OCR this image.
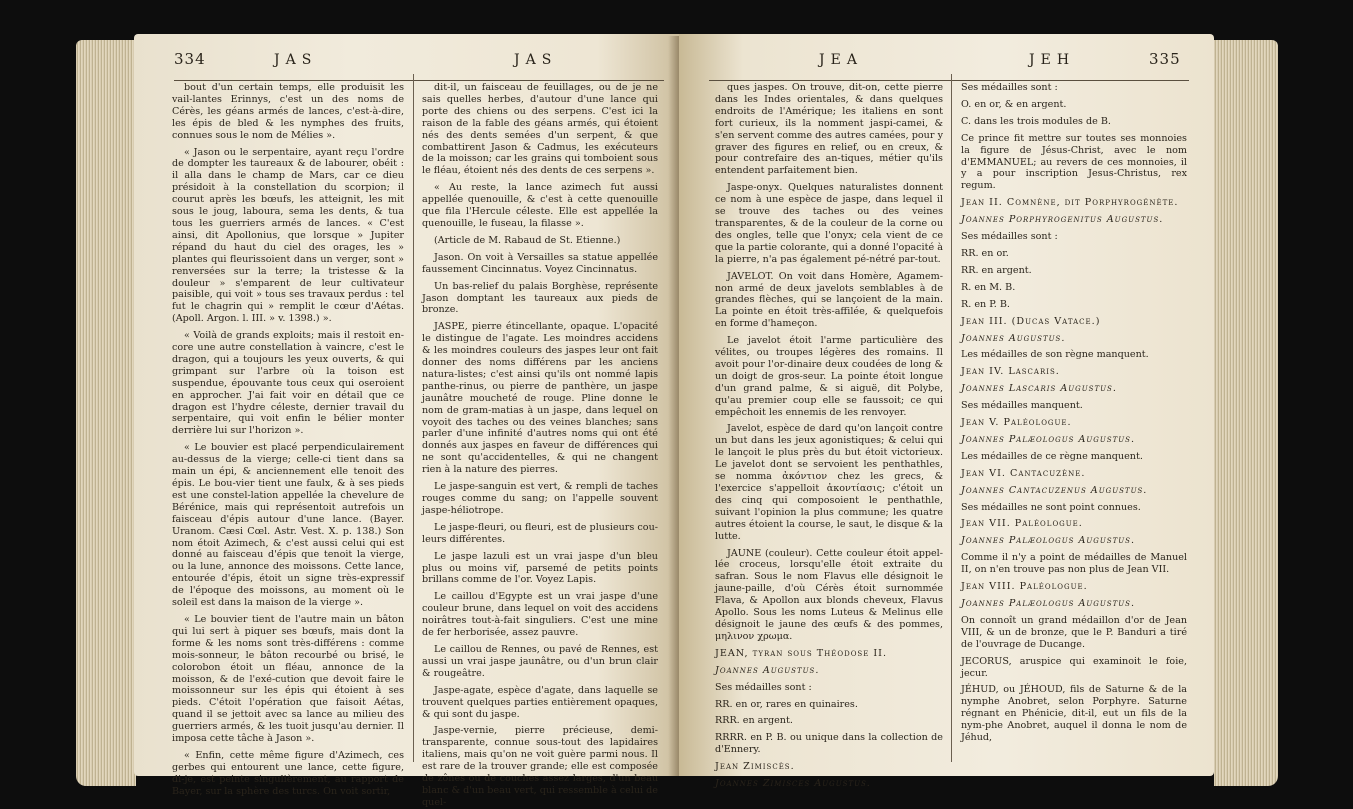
334	JAS	JAS

bout d'un certain temps, elle produisit les vail-lantes Erinnys, c'est un des noms de Cérès, les géans armés de lances, c'est-à-dire, les épis de bled & les nymphes des fruits, connues sous le nom de Mélies ».

« Jason ou le serpentaire, ayant reçu l'ordre de dompter les taureaux & de labourer, obéit : il alla dans le champ de Mars, car ce dieu présidoit à la constellation du scorpion; il courut après les bœufs, les atteignit, les mit sous le joug, laboura, sema les dents, & tua tous les guerriers armés de lances. « C'est ainsi, dit Apollonius, que lorsque » Jupiter répand du haut du ciel des orages, les » plantes qui fleurissoient dans un verger, sont » renversées sur la terre; la tristesse & la douleur » s'emparent de leur cultivateur paisible, qui voit » tous ses travaux perdus : tel fut le chagrin qui » remplit le cœur d'Aétas. (Apoll. Argon. l. III. » v. 1398.) ».

« Voilà de grands exploits; mais il restoit en-core une autre constellation à vaincre, c'est le dragon, qui a toujours les yeux ouverts, & qui grimpant sur l'arbre où la toison est suspendue, épouvante tous ceux qui oseroient en approcher. J'ai fait voir en détail que ce dragon est l'hydre céleste, dernier travail du serpentaire, qui voit enfin le bélier monter derrière lui sur l'horizon ».

« Le bouvier est placé perpendiculairement au-dessus de la vierge; celle-ci tient dans sa main un épi, & anciennement elle tenoit des épis. Le bou-vier tient une faulx, & à ses pieds est une constel-lation appellée la chevelure de Bérénice, mais qui représentoit autrefois un faisceau d'épis autour d'une lance. (Bayer. Uranom. Cæsi Cœl. Astr. Vest. X. p. 138.) Son nom étoit Azimech, & c'est aussi celui qui est donné au faisceau d'épis que tenoit la vierge, ou la lune, annonce des moissons. Cette lance, entourée d'épis, étoit un signe très-expressif de l'époque des moissons, au moment où le soleil est dans la maison de la vierge ».

« Le bouvier tient de l'autre main un bâton qui lui sert à piquer ses bœufs, mais dont la forme & les noms sont très-différens : comme mois-sonneur, le bâton recourbé ou brisé, le colorobon étoit un fléau, annonce de la moisson, & de l'exé-cution que devoit faire le moissonneur sur les épis qui étoient à ses pieds. C'étoit l'opération que faisoit Aétas, quand il se jettoit avec sa lance au milieu des guerriers armés, & les tuoit jusqu'au dernier. Il imposa cette tâche à Jason ».

« Enfin, cette même figure d'Azimech, ces gerbes qui entourent une lance, cette figure, di-je, est peinte singulièrement, au rapport de Bayer, sur la sphère des turcs. On voit sortir,

dit-il, un faisceau de feuillages, ou de je ne sais quelles herbes, d'autour d'une lance qui porte des chiens ou des serpens. C'est ici la raison de la fable des géans armés, qui étoient nés des dents semées d'un serpent, & que combattirent Jason & Cadmus, les exécuteurs de la moisson; car les grains qui tomboient sous le fléau, étoient nés des dents de ces serpens ».

« Au reste, la lance azimech fut aussi appellée quenouille, & c'est à cette quenouille que fila l'Hercule céleste. Elle est appellée la quenouille, le fuseau, la filasse ».

(Article de M. Rabaud de St. Etienne.)

Jason. On voit à Versailles sa statue appellée faussement Cincinnatus. Voyez Cincinnatus.

Un bas-relief du palais Borghèse, représente Jason domptant les taureaux aux pieds de bronze.

JASPE, pierre étincellante, opaque. L'opacité le distingue de l'agate. Les moindres accidens & les moindres couleurs des jaspes leur ont fait donner des noms différens par les anciens natura-listes; c'est ainsi qu'ils ont nommé lapis panthe-rinus, ou pierre de panthère, un jaspe jaunâtre moucheté de rouge. Pline donne le nom de gram-matias à un jaspe, dans lequel on voyoit des taches ou des veines blanches; sans parler d'une infinité d'autres noms qui ont été donnés aux jaspes en faveur de différences qui ne sont qu'accidentelles, & qui ne changent rien à la nature des pierres.

Le jaspe-sanguin est vert, & rempli de taches rouges comme du sang; on l'appelle souvent jaspe-héliotrope.

Le jaspe-fleuri, ou fleuri, est de plusieurs cou-leurs différentes.

Le jaspe lazuli est un vrai jaspe d'un bleu plus ou moins vif, parsemé de petits points brillans comme de l'or. Voyez Lapis.

Le caillou d'Egypte est un vrai jaspe d'une couleur brune, dans lequel on voit des accidens noirâtres tout-à-fait singuliers. C'est une mine de fer herborisée, assez pauvre.

Le caillou de Rennes, ou pavé de Rennes, est aussi un vrai jaspe jaunâtre, ou d'un brun clair & rougeâtre.

Jaspe-agate, espèce d'agate, dans laquelle se trouvent quelques parties entièrement opaques, & qui sont du jaspe.

Jaspe-vernie, pierre précieuse, demi-transparente, connue sous-tout des lapidaires italiens, mais qu'on ne voit guère parmi nous. Il est rare de la trouver grande; elle est composée de zônes ou de couches assez larges, d'un beau blanc & d'un beau vert, qui ressemble à celui de quel-

JEA	JEH	335

ques jaspes. On trouve, dit-on, cette pierre dans les Indes orientales, & dans quelques endroits de l'Amérique; les italiens en sont fort curieux, ils la nomment jaspi-camei, & s'en servent comme des autres camées, pour y graver des figures en relief, ou en creux, & pour contrefaire des an-tiques, métier qu'ils entendent parfaitement bien.

Jaspe-onyx. Quelques naturalistes donnent ce nom à une espèce de jaspe, dans lequel il se trouve des taches ou des veines transparentes, & de la couleur de la corne ou des ongles, telle que l'onyx; cela vient de ce que la partie colorante, qui a donné l'opacité à la pierre, n'a pas également pé-nétré par-tout.

JAVELOT. On voit dans Homère, Agamem-non armé de deux javelots semblables à de grandes flèches, qui se lançoient de la main. La pointe en étoit très-affilée, & quelquefois en forme d'hameçon.

Le javelot étoit l'arme particulière des vélites, ou troupes légères des romains. Il avoit pour l'or-dinaire deux coudées de long & un doigt de gros-seur. La pointe étoit longue d'un grand palme, & si aiguë, dit Polybe, qu'au premier coup elle se faussoit; ce qui empêchoit les ennemis de les renvoyer.

Javelot, espèce de dard qu'on lançoit contre un but dans les jeux agonistiques; & celui qui le lançoit le plus près du but étoit victorieux. Le javelot dont se servoient les penthathles, se nomma ἀκόντιον chez les grecs, & l'exercice s'appelloit ἀκοντίασις; c'étoit un des cinq qui composoient le penthathle, suivant l'opinion la plus commune; les quatre autres étoient la course, le saut, le disque & la lutte.

JAUNE (couleur). Cette couleur étoit appel-lée croceus, lorsqu'elle étoit extraite du safran. Sous le nom Flavus elle désignoit le jaune-paille, d'où Cérès étoit surnommée Flava, & Apollon aux blonds cheveux, Flavus Apollo. Sous les noms Luteus & Melinus elle désignoit le jaune des œufs & des pommes, μηλινον χρωμα.

JEAN, tyran sous Théodose II.
Joannes Augustus.
Ses médailles sont :
RR. en or, rares en quinaires.
RRR. en argent.
RRRR. en P. B. ou unique dans la collection de d'Ennery.
Jean Zimiscès.
Joannes Zimisces Augustus.
Ses médailles sont :
O. en or, & en argent.
C. dans les trois modules de B.
Ce prince fit mettre sur toutes ses monnoies la figure de Jésus-Christ, avec le nom d'EMMANUEL; au revers de ces monnoies, il y a pour inscription Jesus-Christus, rex regum.
Jean II. Comnène, dit Porphyrogénète.
Joannes Porphyrogenitus Augustus.
Ses médailles sont :
RR. en or.
RR. en argent.
R. en M. B.
R. en P. B.
Jean III. (Ducas Vatace.)
Joannes Augustus.
Les médailles de son règne manquent.
Jean IV. Lascaris.
Joannes Lascaris Augustus.
Ses médailles manquent.
Jean V. Paléologue.
Joannes Palæologus Augustus.
Les médailles de ce règne manquent.
Jean VI. Cantacuzène.
Joannes Cantacuzenus Augustus.
Ses médailles ne sont point connues.
Jean VII. Paléologue.
Joannes Palæologus Augustus.
Comme il n'y a point de médailles de Manuel II, on n'en trouve pas non plus de Jean VII.
Jean VIII. Paléologue.
Joannes Palæologus Augustus.
On connoît un grand médaillon d'or de Jean VIII, & un de bronze, que le P. Banduri a tiré de l'ouvrage de Ducange.
JECORUS, aruspice qui examinoit le foie, jecur.
JÉHUD, ou JÉHOUD, fils de Saturne & de la nymphe Anobret, selon Porphyre. Saturne régnant en Phénicie, dit-il, eut un fils de la nym-phe Anobret, auquel il donna le nom de Jéhud,
